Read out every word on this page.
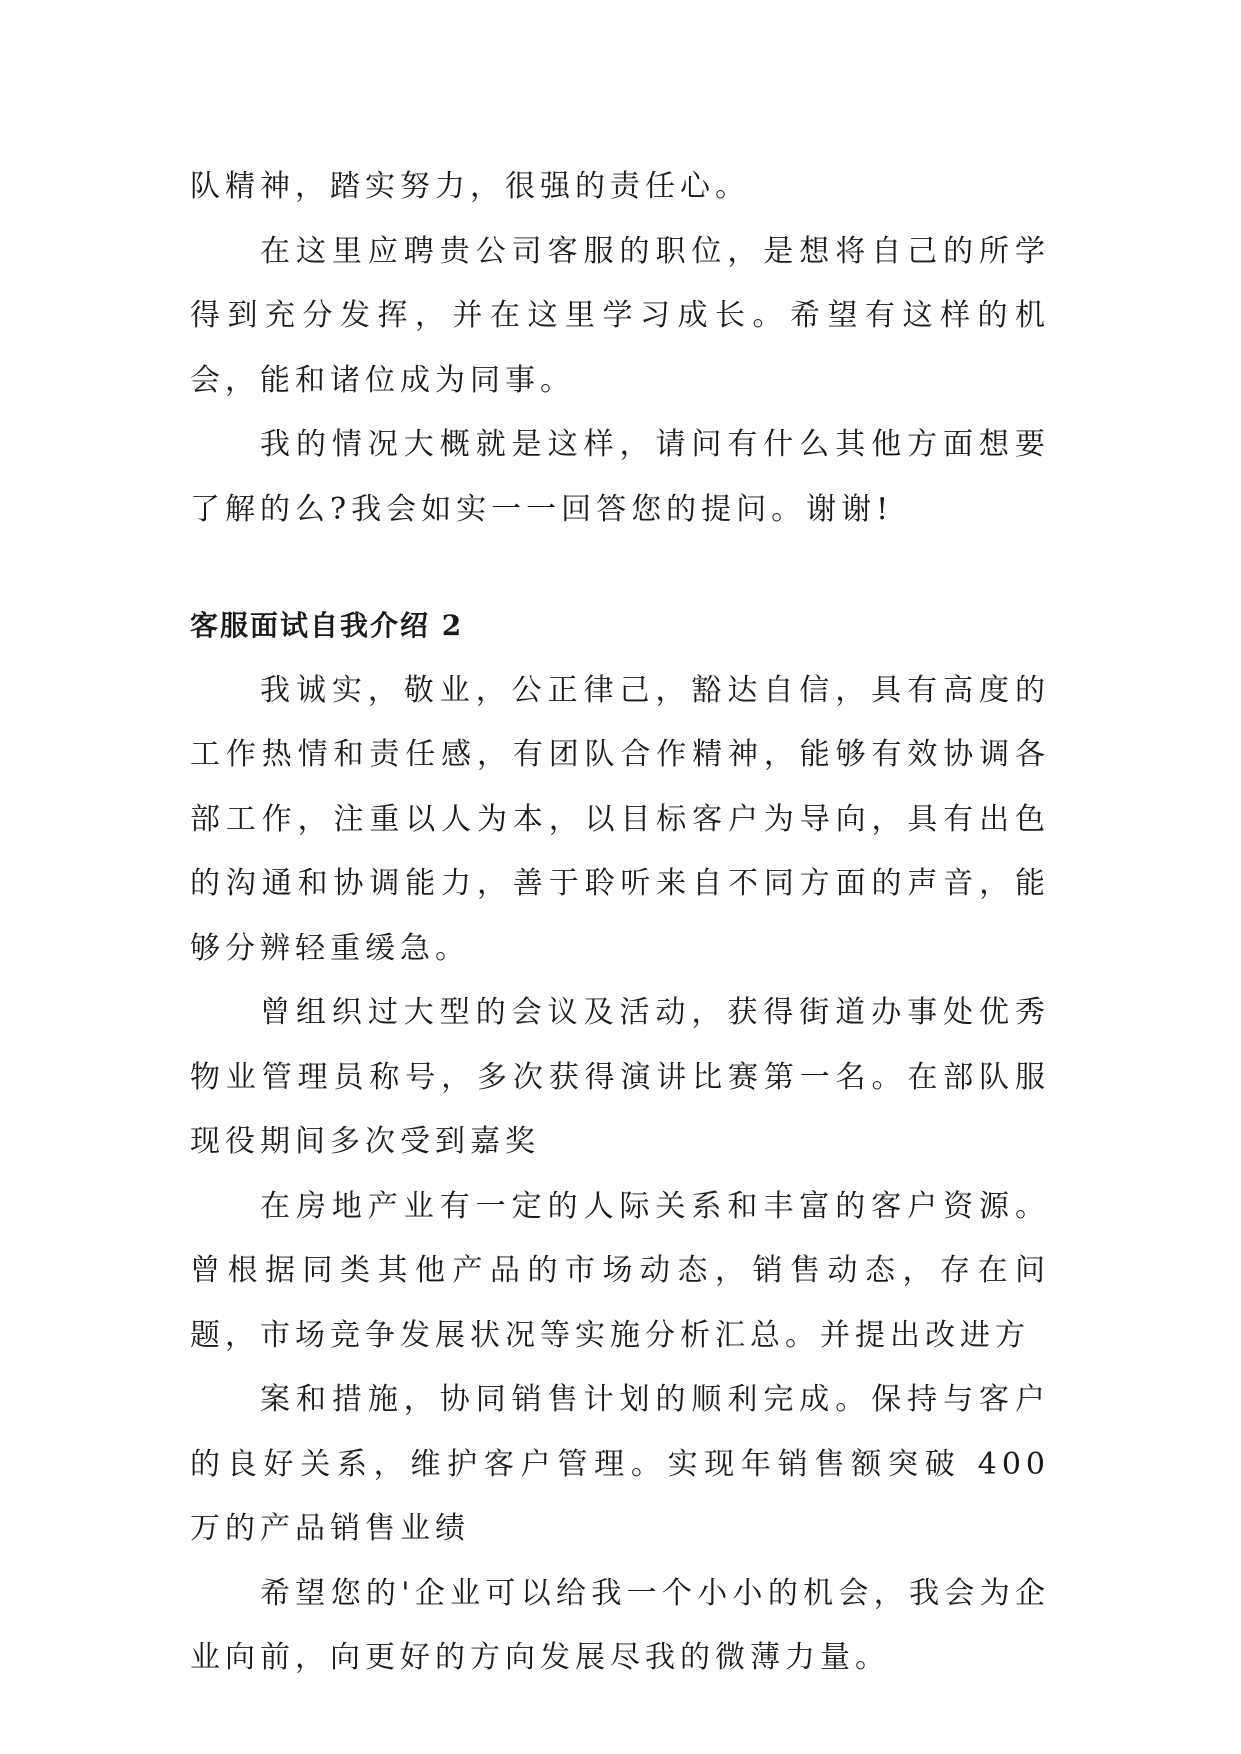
队精神，踏实努力，很强的责任心。

在这里应聘贵公司客服的职位，是想将自己的所学得到充分发挥，并在这里学习成长。希望有这样的机会，能和诸位成为同事。

我的情况大概就是这样，请问有什么其他方面想要了解的么?我会如实一一回答您的提问。谢谢!

客服面试自我介绍 2

我诚实，敬业，公正律己，豁达自信，具有高度的工作热情和责任感，有团队合作精神，能够有效协调各部工作，注重以人为本，以目标客户为导向，具有出色的沟通和协调能力，善于聆听来自不同方面的声音，能够分辨轻重缓急。

曾组织过大型的会议及活动，获得街道办事处优秀物业管理员称号，多次获得演讲比赛第一名。在部队服现役期间多次受到嘉奖

在房地产业有一定的人际关系和丰富的客户资源。曾根据同类其他产品的市场动态，销售动态，存在问题，市场竞争发展状况等实施分析汇总。并提出改进方

案和措施，协同销售计划的顺利完成。保持与客户的良好关系，维护客户管理。实现年销售额突破 400 万的产品销售业绩

希望您的'企业可以给我一个小小的机会，我会为企业向前，向更好的方向发展尽我的微薄力量。
